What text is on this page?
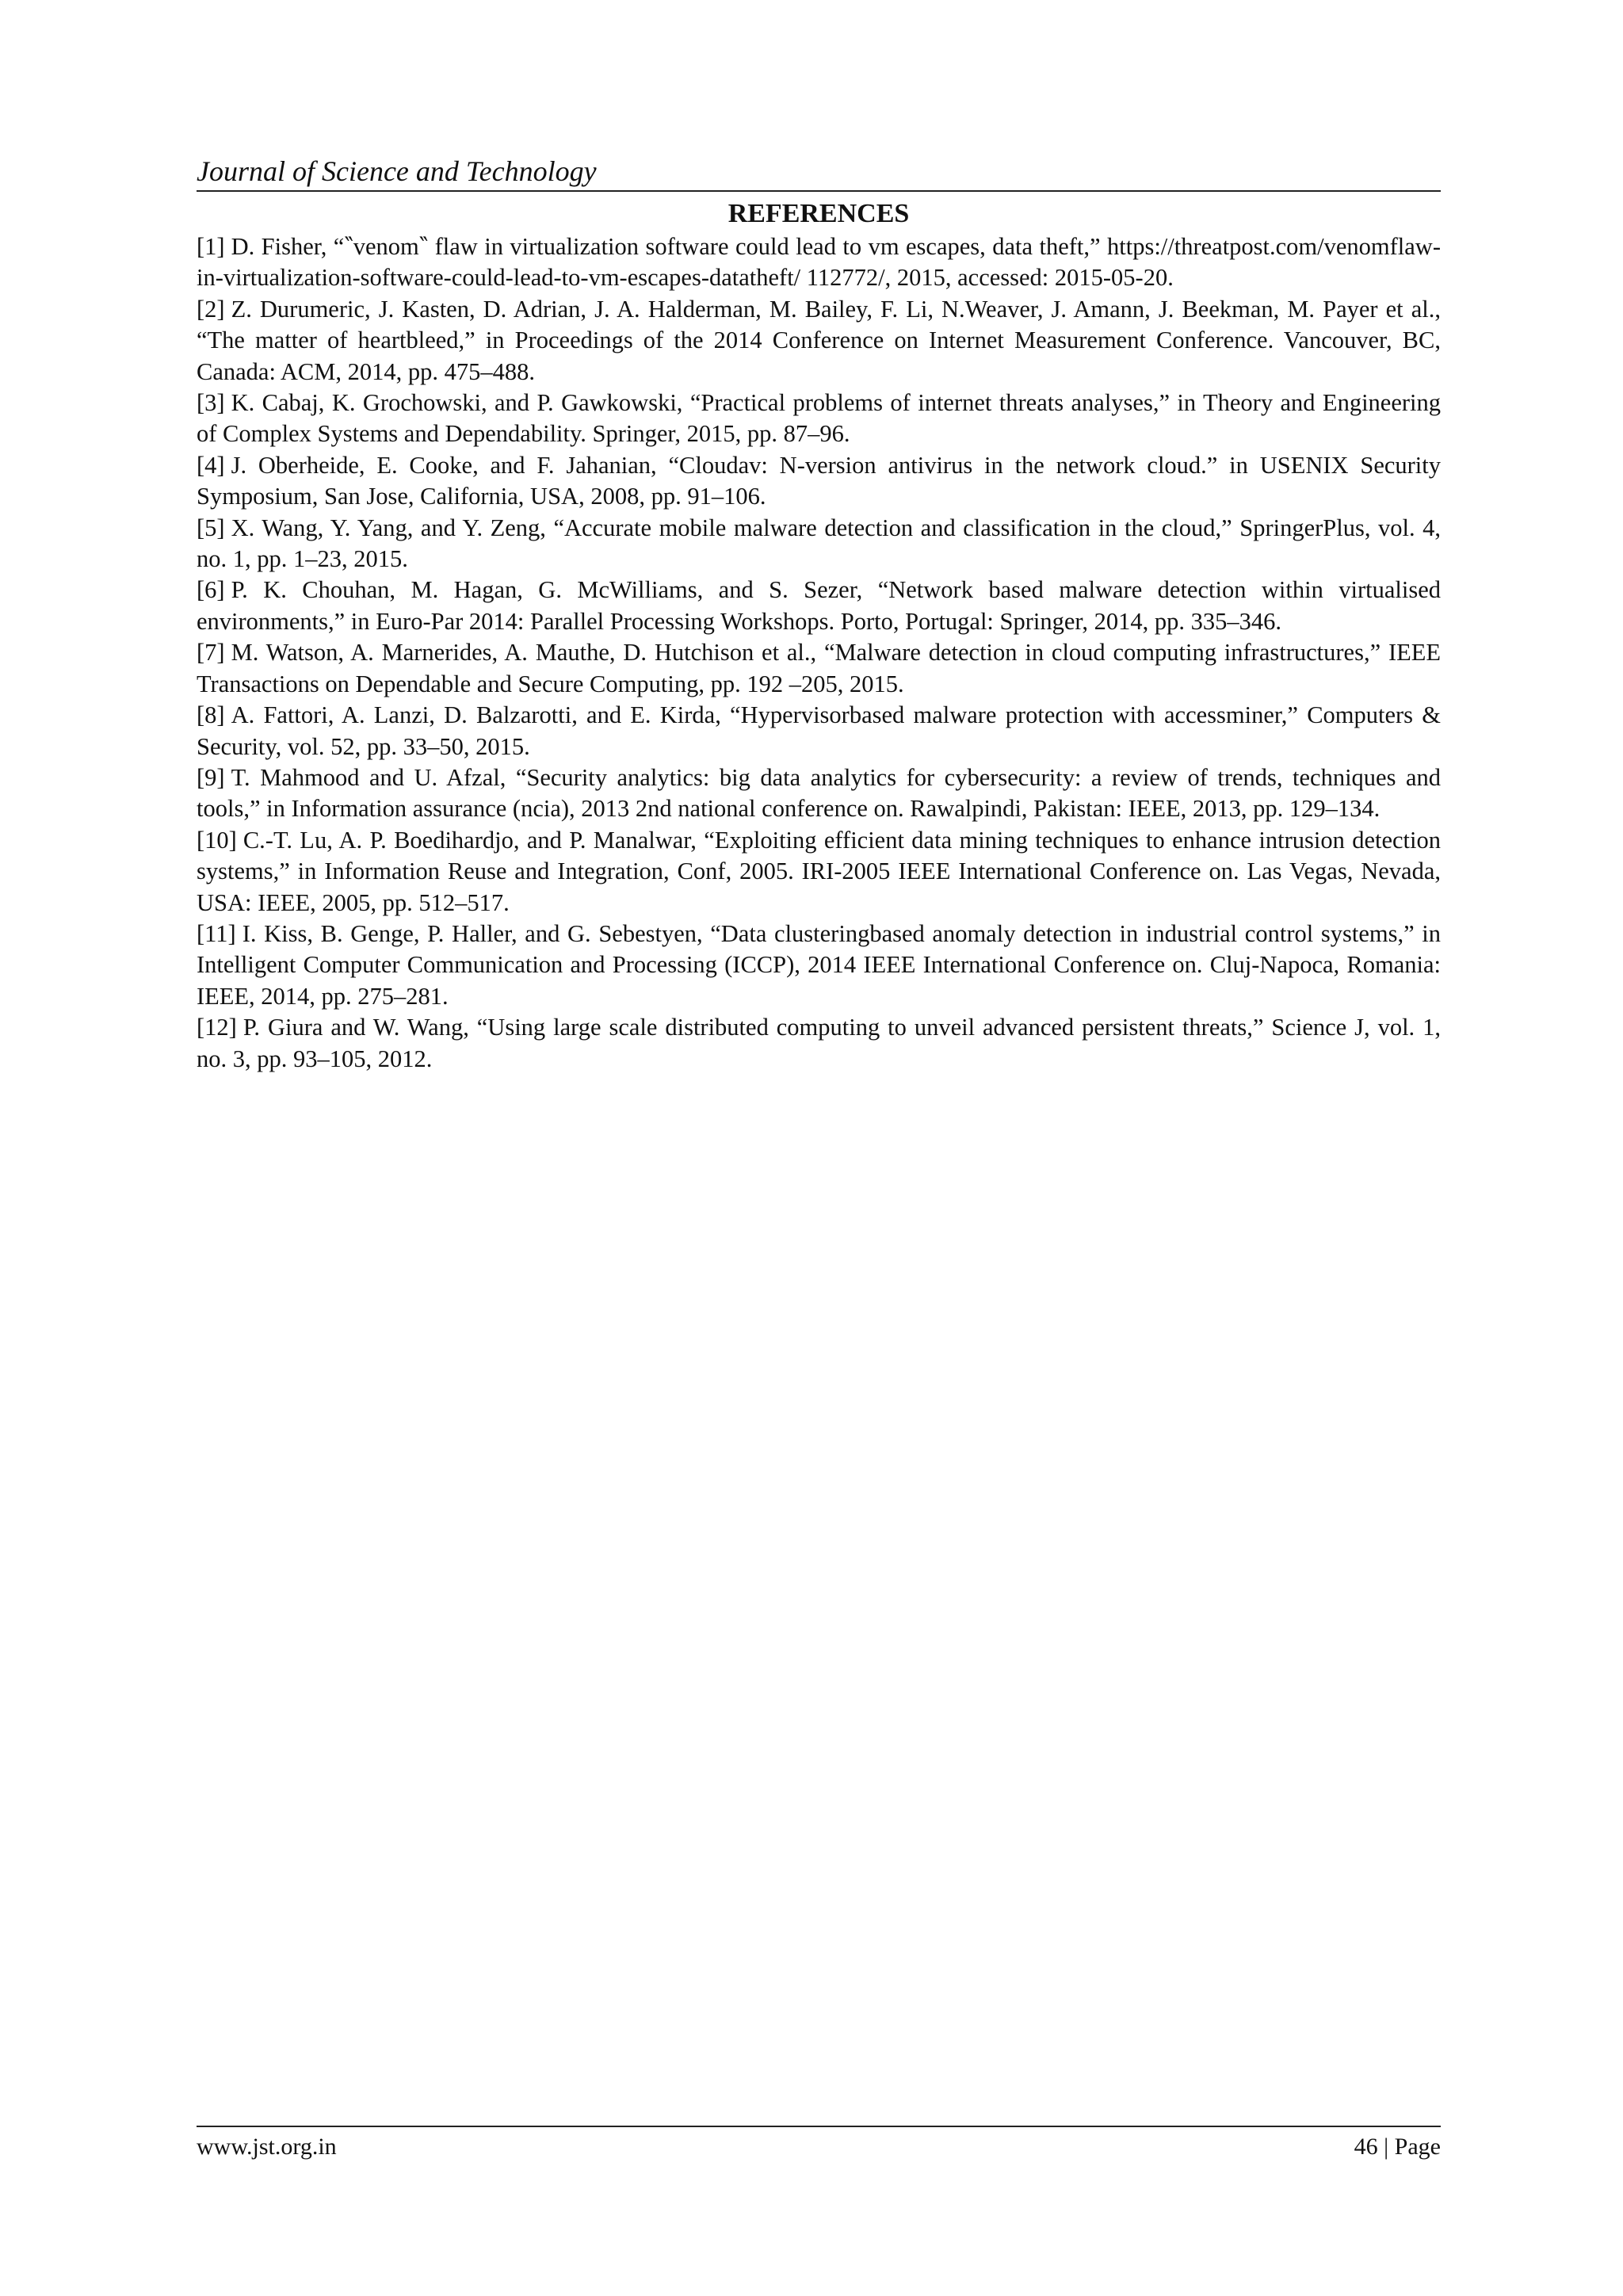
Journal of Science and Technology
REFERENCES

[1] D. Fisher, “‶venom‶ flaw in virtualization software could lead to vm escapes, data theft,” https://threatpost.com/venomflaw- in-virtualization-software-could-lead-to-vm-escapes-datatheft/ 112772/, 2015, accessed: 2015-05-20.

[2] Z. Durumeric, J. Kasten, D. Adrian, J. A. Halderman, M. Bailey, F. Li, N.Weaver, J. Amann, J. Beekman, M. Payer et al., “The matter of heartbleed,” in Proceedings of the 2014 Conference on Internet Measurement Conference. Vancouver, BC, Canada: ACM, 2014, pp. 475–488.

[3] K. Cabaj, K. Grochowski, and P. Gawkowski, “Practical problems of internet threats analyses,” in Theory and Engineering of Complex Systems and Dependability. Springer, 2015, pp. 87–96.

[4] J. Oberheide, E. Cooke, and F. Jahanian, “Cloudav: N-version antivirus in the network cloud.” in USENIX Security Symposium, San Jose, California, USA, 2008, pp. 91–106.

[5] X. Wang, Y. Yang, and Y. Zeng, “Accurate mobile malware detection and classification in the cloud,” SpringerPlus, vol. 4, no. 1, pp. 1–23, 2015.

[6] P. K. Chouhan, M. Hagan, G. McWilliams, and S. Sezer, “Network based malware detection within virtualised environments,” in Euro-Par 2014: Parallel Processing Workshops. Porto, Portugal: Springer, 2014, pp. 335–346.

[7] M. Watson, A. Marnerides, A. Mauthe, D. Hutchison et al., “Malware detection in cloud computing infrastructures,” IEEE Transactions on Dependable and Secure Computing, pp. 192 –205, 2015.

[8] A. Fattori, A. Lanzi, D. Balzarotti, and E. Kirda, “Hypervisorbased malware protection with accessminer,” Computers & Security, vol. 52, pp. 33–50, 2015.

[9] T. Mahmood and U. Afzal, “Security analytics: big data analytics for cybersecurity: a review of trends, techniques and tools,” in Information assurance (ncia), 2013 2nd national conference on. Rawalpindi, Pakistan: IEEE, 2013, pp. 129–134.

[10] C.-T. Lu, A. P. Boedihardjo, and P. Manalwar, “Exploiting efficient data mining techniques to enhance intrusion detection systems,” in Information Reuse and Integration, Conf, 2005. IRI-2005 IEEE International Conference on. Las Vegas, Nevada, USA: IEEE, 2005, pp. 512–517.

[11] I. Kiss, B. Genge, P. Haller, and G. Sebestyen, “Data clusteringbased anomaly detection in industrial control systems,” in Intelligent Computer Communication and Processing (ICCP), 2014 IEEE International Conference on. Cluj-Napoca, Romania: IEEE, 2014, pp. 275–281.

[12] P. Giura and W. Wang, “Using large scale distributed computing to unveil advanced persistent threats,” Science J, vol. 1, no. 3, pp. 93–105, 2012.

www.jst.org.in	46 | Page
